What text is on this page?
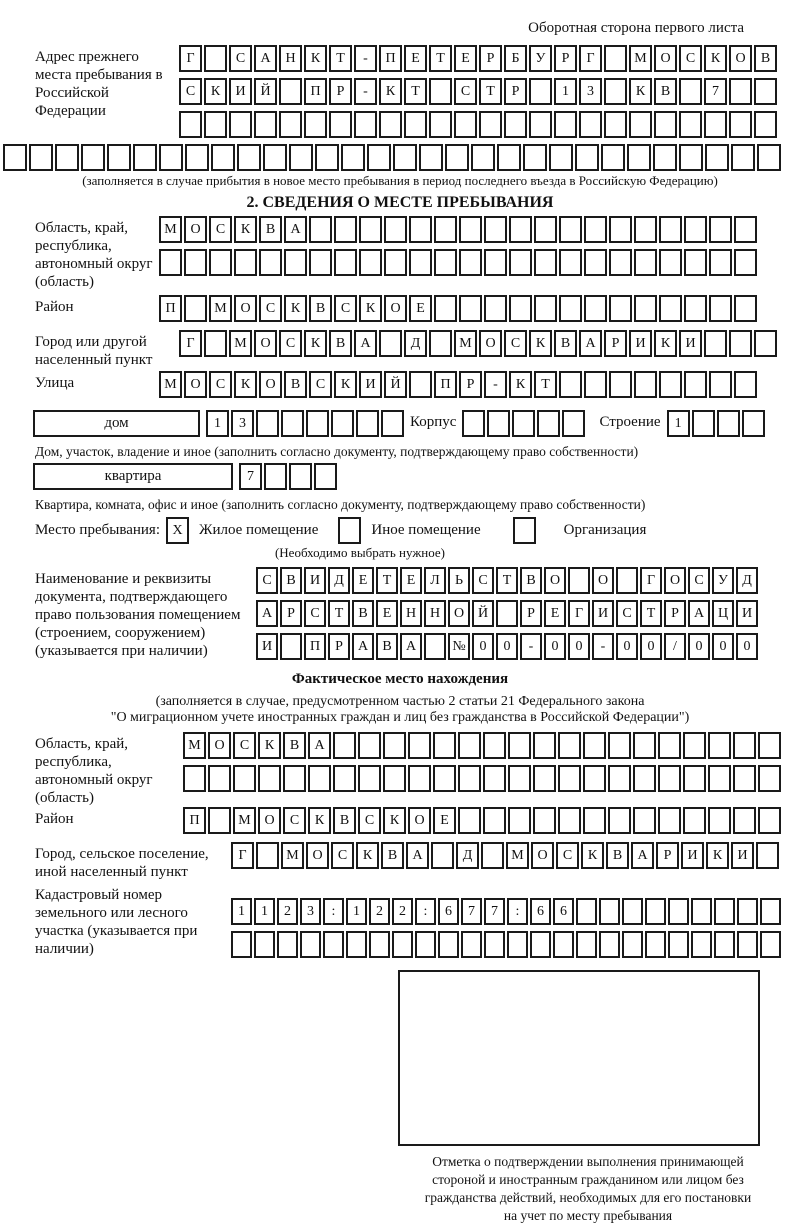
Оборотная сторона первого листа
Адрес прежнего места пребывания в Российской Федерации
Г	С	А	Н	К	Т	-	П	Е	Т	Е	Р	Б	У	Р	Г	М О	С	К	О	В
С	К	И	Й	П	Р	-	К	Т	С	Т	Р	1	3	К	В	7
(заполняется в случае прибытия в новое место пребывания в период последнего въезда в Российскую Федерацию)
2. СВЕДЕНИЯ О МЕСТЕ ПРЕБЫВАНИЯ
Область, край, республика, автономный округ (область)
М О	С	К	В	А
Район	П	М О	С	К	В	С	К	О	Е
Город или другой населенный пункт
Г	М О	С	К	В	А	Д	М О	С	К	В	А	Р	И	К	И
Улица	М О	С	К	О	В	С	К	И	Й	П	Р	-	К	Т
дом	1	3	Корпус	Строение	1
Дом, участок, владение и иное (заполнить согласно документу, подтверждающему право собственности)
квартира	7
Квартира, комната, офис и иное (заполнить согласно документу, подтверждающему право собственности)
Место пребывания: X	Жилое помещение	Иное помещение	Организация
(Необходимо выбрать нужное)
Наименование и реквизиты документа, подтверждающего право пользования помещением (строением, сооружением) (указывается при наличии)
С	В	И	Д	Е	Т	Е	Л	Ь	С	Т	В	О	О	Г	О	С	У	Д
А	Р	С	Т	В	Е	Н Н О Й	Р	Е	Г	И	С	Т	Р	А Ц И
И	П	Р	А	В	А	№ 0	0	-	0	0	-	0	0	/	0	0	0
Фактическое место нахождения
(заполняется в случае, предусмотренном частью 2 статьи 21 Федерального закона
"О миграционном учете иностранных граждан и лиц без гражданства в Российской Федерации")
Область, край, республика, автономный округ (область)
М О	С	К	В	А
Район	П	М О	С	К	В	С	К	О	Е
Город, сельское поселение, иной населенный пункт
Г	М О	С	К	В	А	Д	М О	С	К	В	А	Р	И	К	И
Кадастровый номер земельного или лесного участка (указывается при наличии)
1	1	2	3	:	1	2	2	:	6	7	7	:	6	6
Отметка о подтверждении выполнения принимающей
стороной и иностранным гражданином или лицом без
гражданства действий, необходимых для его постановки
на учет по месту пребывания
